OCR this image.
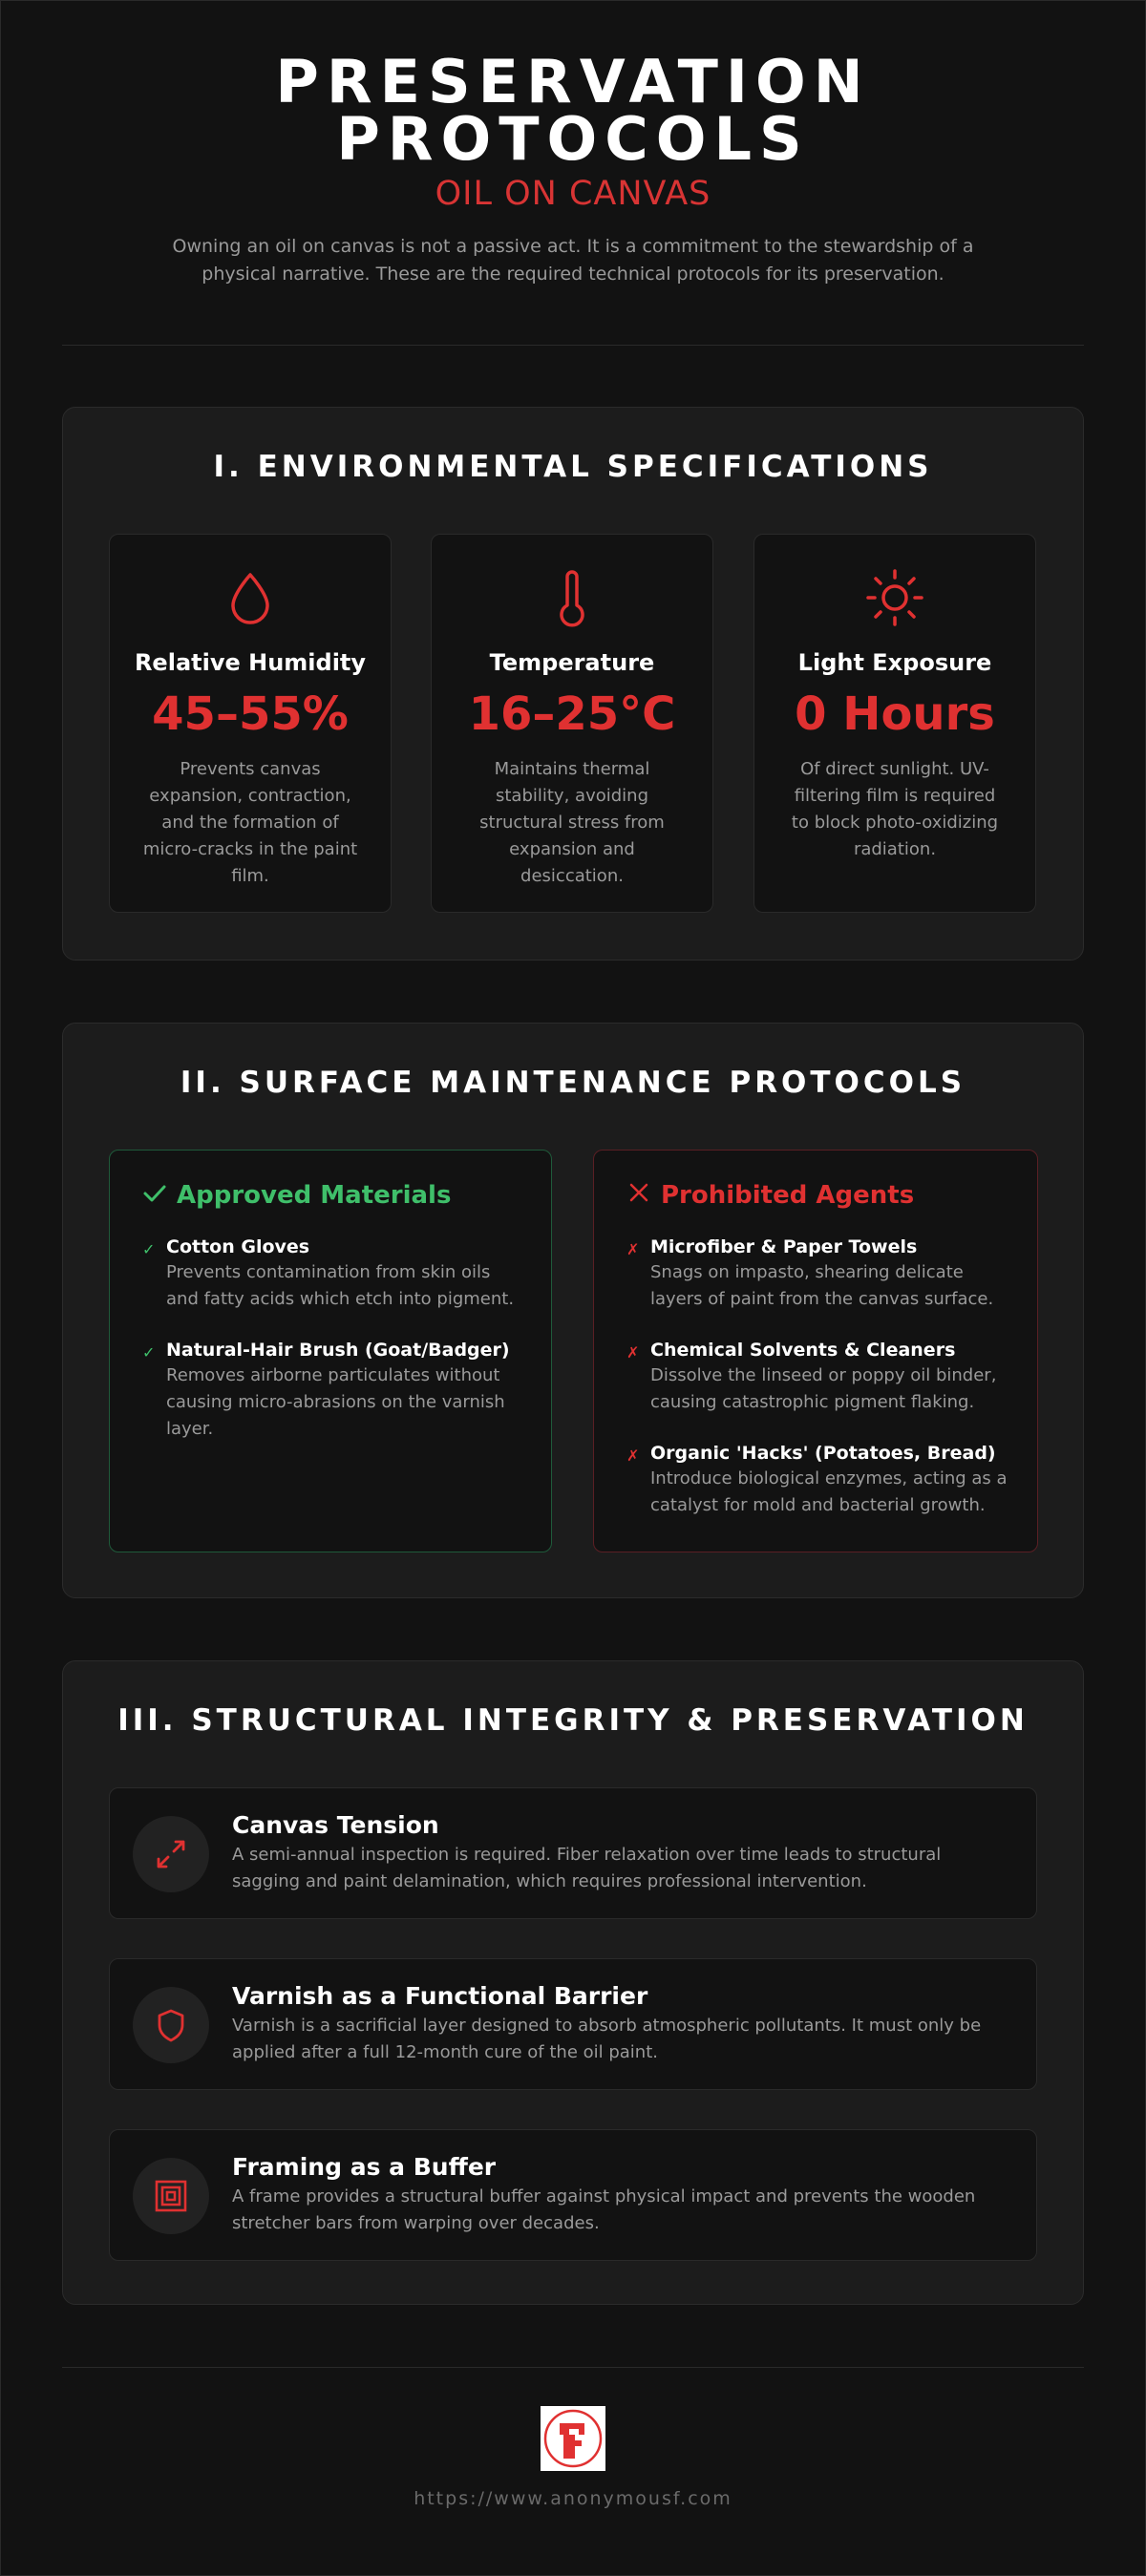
PRESERVATION
PROTOCOLS
OIL ON CANVAS
Owning an oil on canvas is not a passive act. It is a commitment to the stewardship of a physical narrative. These are the required technical protocols for its preservation.
I. ENVIRONMENTAL SPECIFICATIONS
Relative Humidity
45–55%
Prevents canvas expansion, contraction, and the formation of micro-cracks in the paint film.
Temperature
16–25°C
Maintains thermal stability, avoiding structural stress from expansion and desiccation.
Light Exposure
0 Hours
Of direct sunlight. UV-filtering film is required to block photo-oxidizing radiation.
II. SURFACE MAINTENANCE PROTOCOLS
Approved Materials
✓ Cotton Gloves
Prevents contamination from skin oils and fatty acids which etch into pigment.
✓ Natural-Hair Brush (Goat/Badger)
Removes airborne particulates without causing micro-abrasions on the varnish layer.
Prohibited Agents
✗ Microfiber & Paper Towels
Snags on impasto, shearing delicate layers of paint from the canvas surface.
✗ Chemical Solvents & Cleaners
Dissolve the linseed or poppy oil binder, causing catastrophic pigment flaking.
✗ Organic 'Hacks' (Potatoes, Bread)
Introduce biological enzymes, acting as a catalyst for mold and bacterial growth.
III. STRUCTURAL INTEGRITY & PRESERVATION
Canvas Tension
A semi-annual inspection is required. Fiber relaxation over time leads to structural sagging and paint delamination, which requires professional intervention.
Varnish as a Functional Barrier
Varnish is a sacrificial layer designed to absorb atmospheric pollutants. It must only be applied after a full 12-month cure of the oil paint.
Framing as a Buffer
A frame provides a structural buffer against physical impact and prevents the wooden stretcher bars from warping over decades.
https://www.anonymousf.com
